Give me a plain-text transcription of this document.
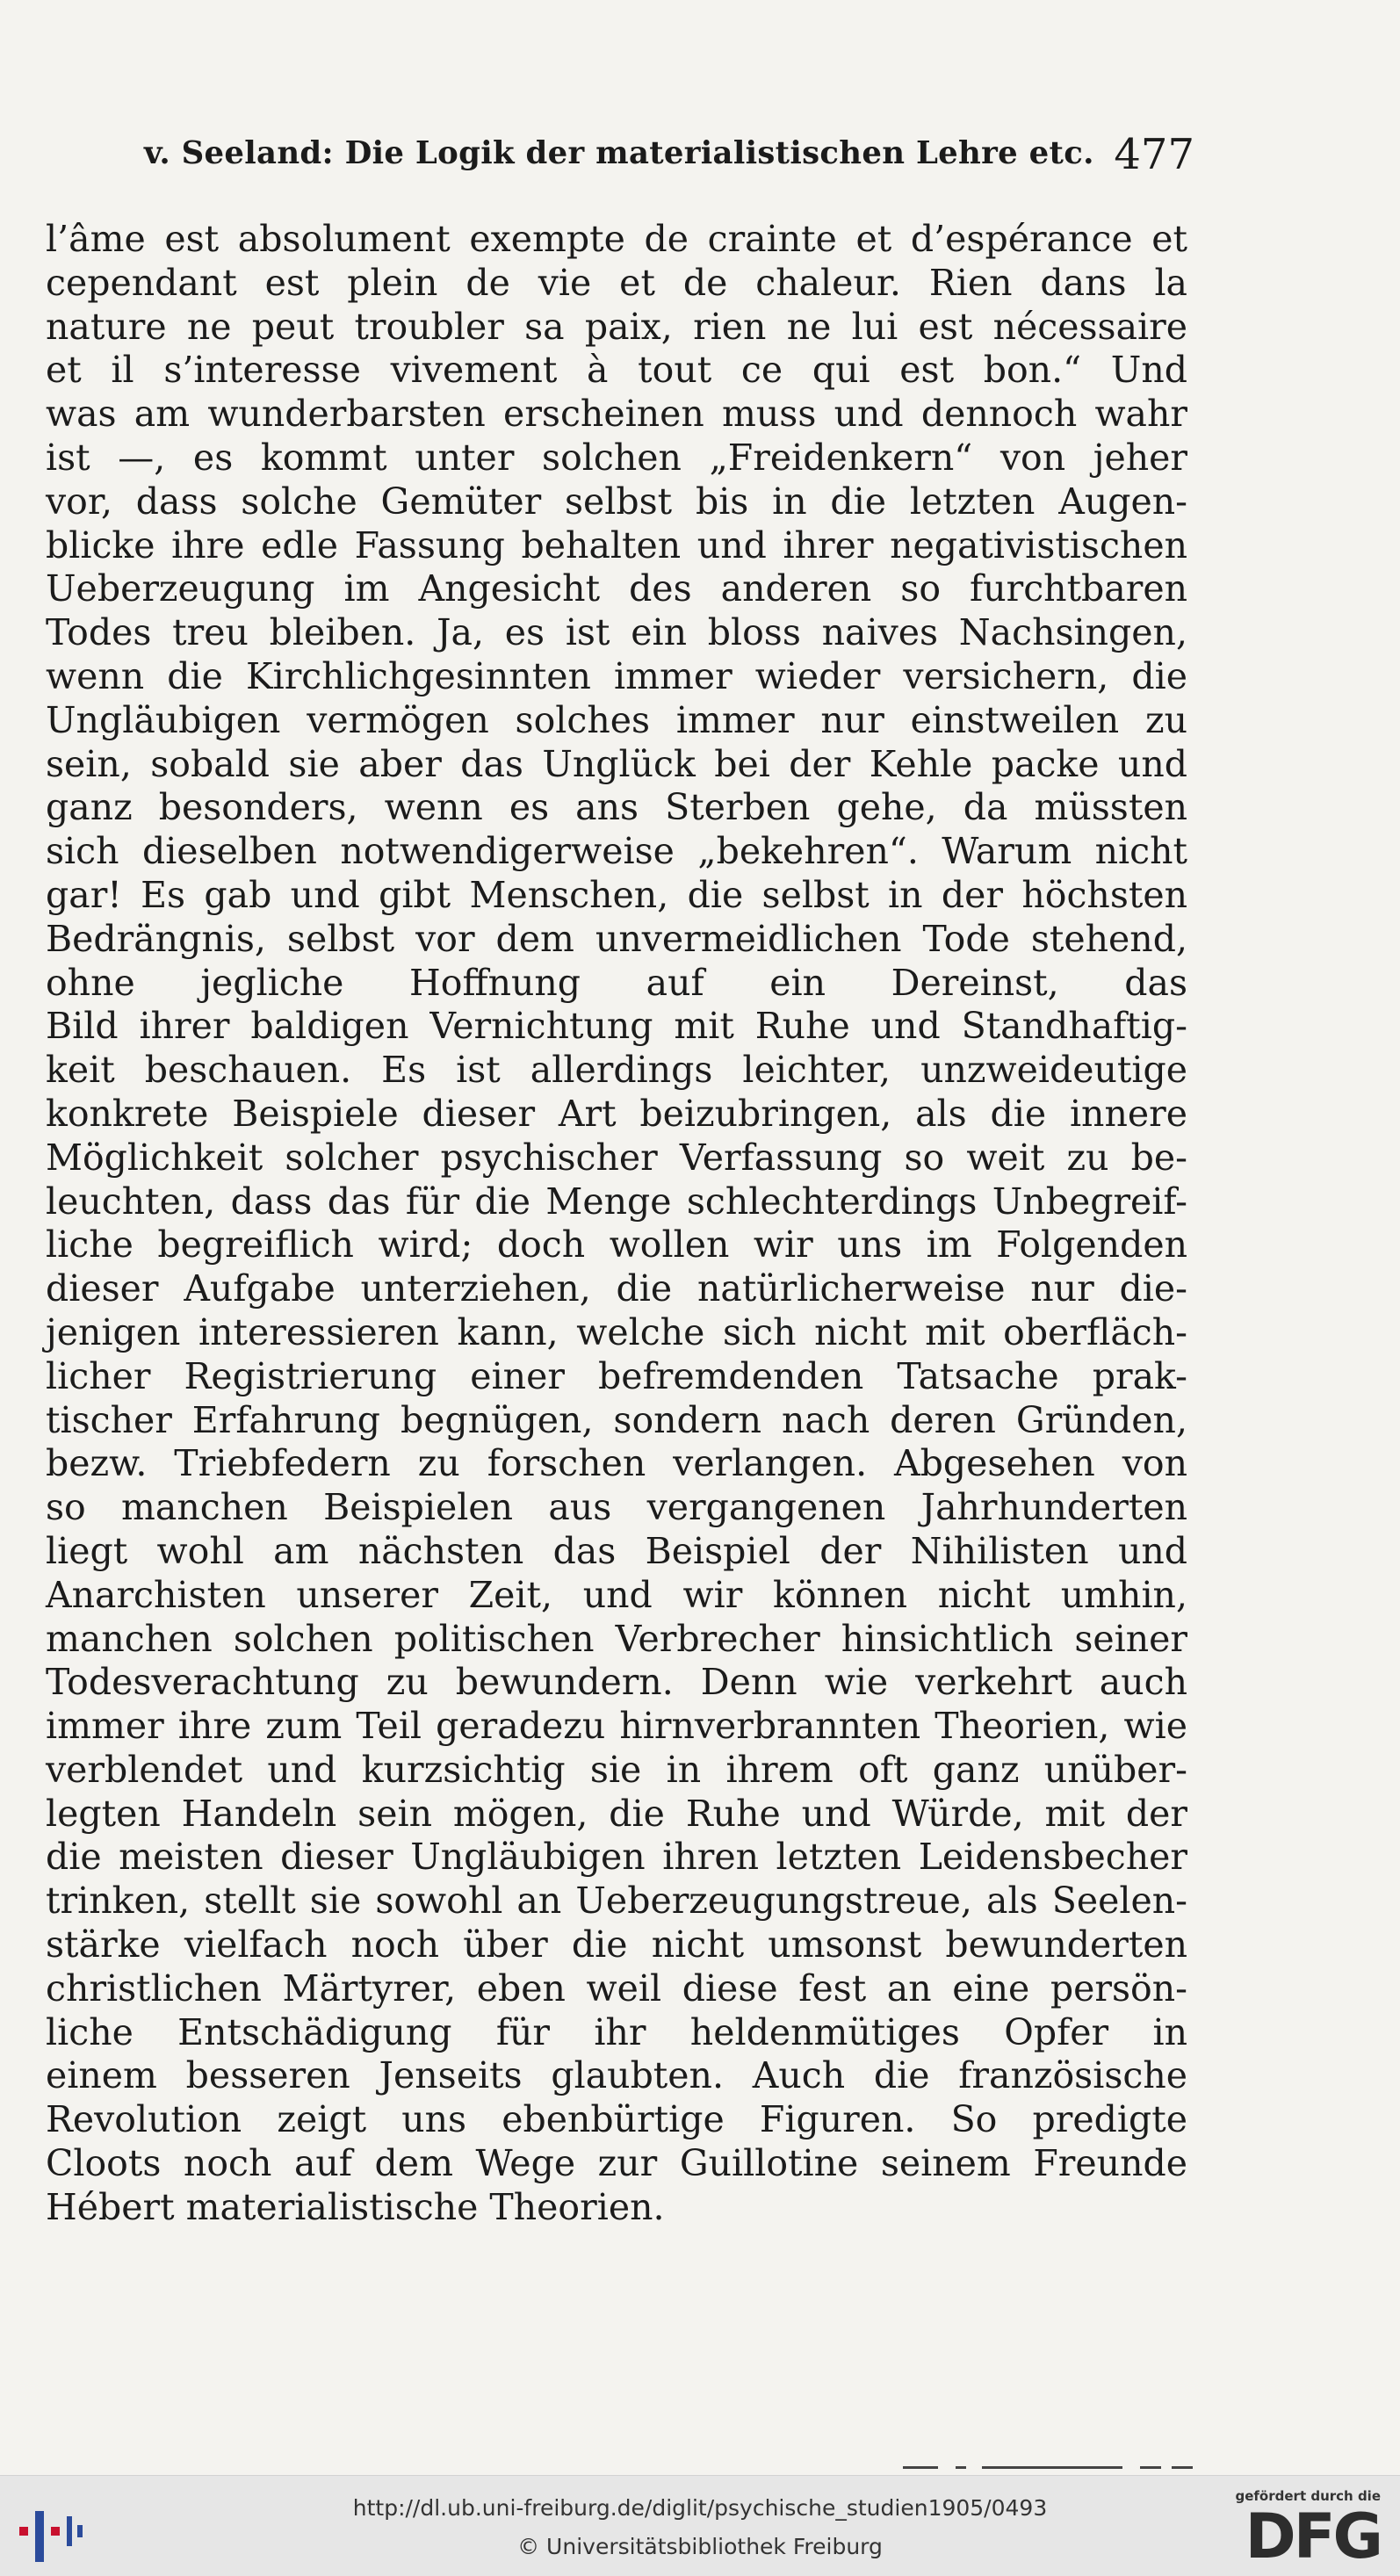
v. Seeland: Die Logik der materialistischen Lehre etc. 477
l’âme est absolument exempte de crainte et d’espérance et
cependant est plein de vie et de chaleur. Rien dans la
nature ne peut troubler sa paix, rien ne lui est nécessaire
et il s’interesse vivement à tout ce qui est bon.“ Und
was am wunderbarsten erscheinen muss und dennoch wahr
ist —, es kommt unter solchen „Freidenkern“ von jeher
vor, dass solche Gemüter selbst bis in die letzten Augen-
blicke ihre edle Fassung behalten und ihrer negativistischen
Ueberzeugung im Angesicht des anderen so furchtbaren
Todes treu bleiben. Ja, es ist ein bloss naives Nachsingen,
wenn die Kirchlichgesinnten immer wieder versichern, die
Ungläubigen vermögen solches immer nur einstweilen zu
sein, sobald sie aber das Unglück bei der Kehle packe und
ganz besonders, wenn es ans Sterben gehe, da müssten
sich dieselben notwendigerweise „bekehren“. Warum nicht
gar! Es gab und gibt Menschen, die selbst in der höchsten
Bedrängnis, selbst vor dem unvermeidlichen Tode stehend,
ohne jegliche Hoffnung auf ein Dereinst, das
Bild ihrer baldigen Vernichtung mit Ruhe und Standhaftig-
keit beschauen. Es ist allerdings leichter, unzweideutige
konkrete Beispiele dieser Art beizubringen, als die innere
Möglichkeit solcher psychischer Verfassung so weit zu be-
leuchten, dass das für die Menge schlechterdings Unbegreif-
liche begreiflich wird; doch wollen wir uns im Folgenden
dieser Aufgabe unterziehen, die natürlicherweise nur die-
jenigen interessieren kann, welche sich nicht mit oberfläch-
licher Registrierung einer befremdenden Tatsache prak-
tischer Erfahrung begnügen, sondern nach deren Gründen,
bezw. Triebfedern zu forschen verlangen. Abgesehen von
so manchen Beispielen aus vergangenen Jahrhunderten
liegt wohl am nächsten das Beispiel der Nihilisten und
Anarchisten unserer Zeit, und wir können nicht umhin,
manchen solchen politischen Verbrecher hinsichtlich seiner
Todesverachtung zu bewundern. Denn wie verkehrt auch
immer ihre zum Teil geradezu hirnverbrannten Theorien, wie
verblendet und kurzsichtig sie in ihrem oft ganz unüber-
legten Handeln sein mögen, die Ruhe und Würde, mit der
die meisten dieser Ungläubigen ihren letzten Leidensbecher
trinken, stellt sie sowohl an Ueberzeugungstreue, als Seelen-
stärke vielfach noch über die nicht umsonst bewunderten
christlichen Märtyrer, eben weil diese fest an eine persön-
liche Entschädigung für ihr heldenmütiges Opfer in
einem besseren Jenseits glaubten. Auch die französische
Revolution zeigt uns ebenbürtige Figuren. So predigte
Cloots noch auf dem Wege zur Guillotine seinem Freunde
Hébert materialistische Theorien.
http://dl.ub.uni-freiburg.de/diglit/psychische_studien1905/0493
© Universitätsbibliothek Freiburg
gefördert durch die
DFG
